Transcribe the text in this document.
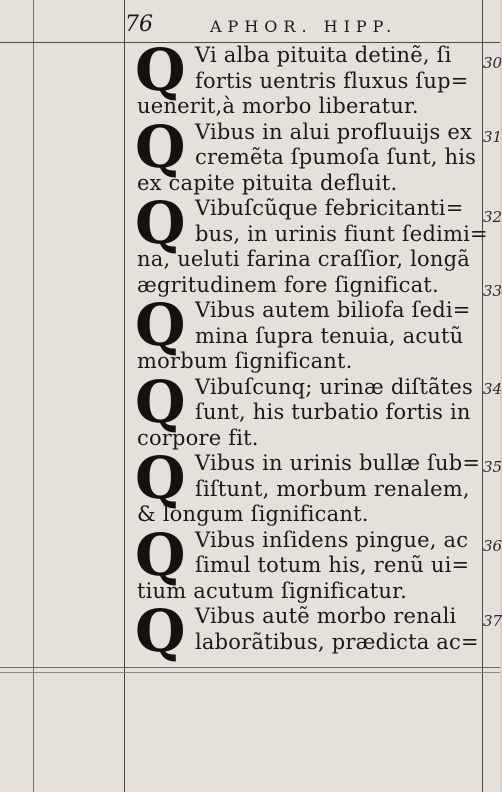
76	APHOR. HIPP.
Q Vi alba pituita detinẽ, ſi
fortis uentris fluxus ſup=
uenerit,à morbo liberatur.
Q Vibus in alui profluuijs ex
cremẽta ſpumoſa ſunt, his
ex capite pituita defluit.
Q Vibuſcũque febricitanti=
bus, in urinis fiunt ſedimi=
na, ueluti farina craſſior, longã
ægritudinem fore ſignificat.
Q Vibus autem biliofa ſedi=
mina ſupra tenuia, acutũ
morbum ſignificant.
Q Vibuſcunq; urinæ diſtãtes
ſunt, his turbatio fortis in
corpore fit.
Q Vibus in urinis bullæ ſub=
ſiſtunt, morbum renalem,
& longum ſignificant.
Q Vibus inſidens pingue, ac
ſimul totum his, renũ ui=
tium acutum ſignificatur.
Q Vibus autẽ morbo renali
laborãtibus, prædicta ac=
30
31
32
33
34
35
36
37
